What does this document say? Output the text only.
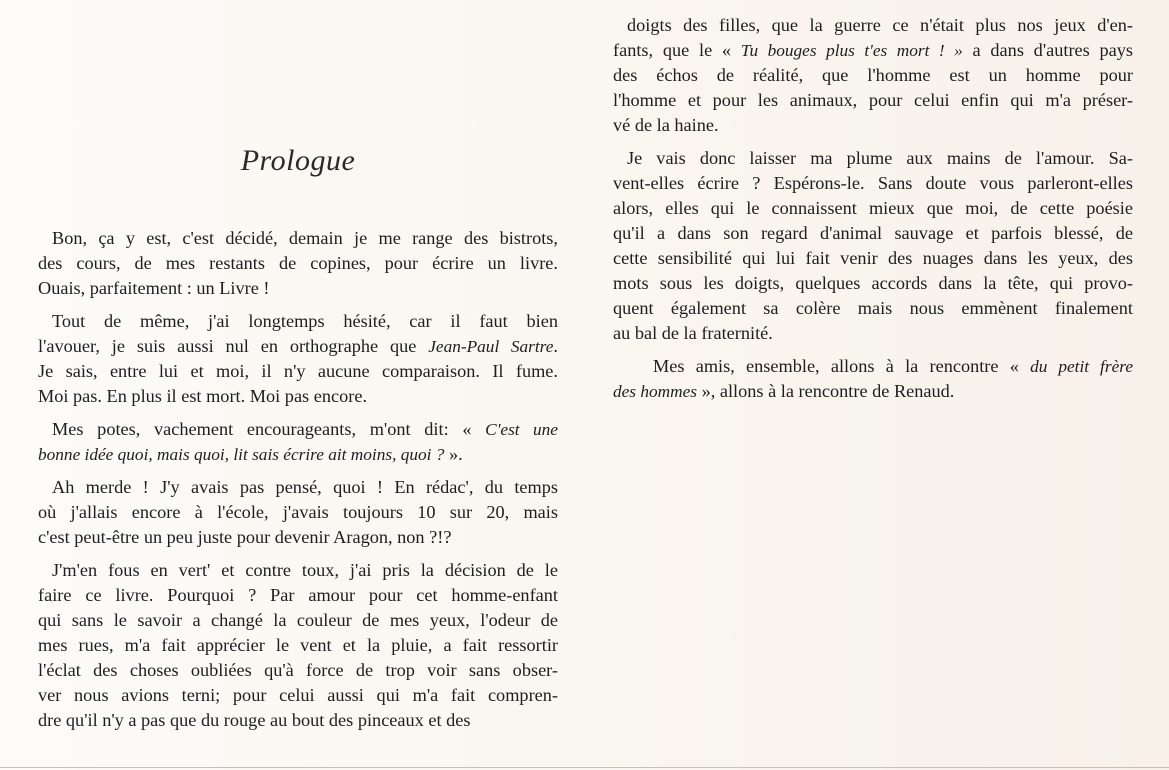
Prologue
Bon, ça y est, c'est décidé, demain je me range des bistrots,
des cours, de mes restants de copines, pour écrire un livre.
Ouais, parfaitement : un Livre !
Tout de même, j'ai longtemps hésité, car il faut bien
l'avouer, je suis aussi nul en orthographe que Jean-Paul Sartre.
Je sais, entre lui et moi, il n'y aucune comparaison. Il fume.
Moi pas. En plus il est mort. Moi pas encore.
Mes potes, vachement encourageants, m'ont dit: « C'est une
bonne idée quoi, mais quoi, lit sais écrire ait moins, quoi ? ».
Ah merde ! J'y avais pas pensé, quoi ! En rédac', du temps
où j'allais encore à l'école, j'avais toujours 10 sur 20, mais
c'est peut-être un peu juste pour devenir Aragon, non ?!?
J'm'en fous en vert' et contre toux, j'ai pris la décision de le
faire ce livre. Pourquoi ? Par amour pour cet homme-enfant
qui sans le savoir a changé la couleur de mes yeux, l'odeur de
mes rues, m'a fait apprécier le vent et la pluie, a fait ressortir
l'éclat des choses oubliées qu'à force de trop voir sans obser-
ver nous avions terni; pour celui aussi qui m'a fait compren-
dre qu'il n'y a pas que du rouge au bout des pinceaux et des
doigts des filles, que la guerre ce n'était plus nos jeux d'en-
fants, que le « Tu bouges plus t'es mort ! » a dans d'autres pays
des échos de réalité, que l'homme est un homme pour
l'homme et pour les animaux, pour celui enfin qui m'a préser-
vé de la haine.
Je vais donc laisser ma plume aux mains de l'amour. Sa-
vent-elles écrire ? Espérons-le. Sans doute vous parleront-elles
alors, elles qui le connaissent mieux que moi, de cette poésie
qu'il a dans son regard d'animal sauvage et parfois blessé, de
cette sensibilité qui lui fait venir des nuages dans les yeux, des
mots sous les doigts, quelques accords dans la tête, qui provo-
quent également sa colère mais nous emmènent finalement
au bal de la fraternité.
Mes amis, ensemble, allons à la rencontre « du petit frère
des hommes », allons à la rencontre de Renaud.
